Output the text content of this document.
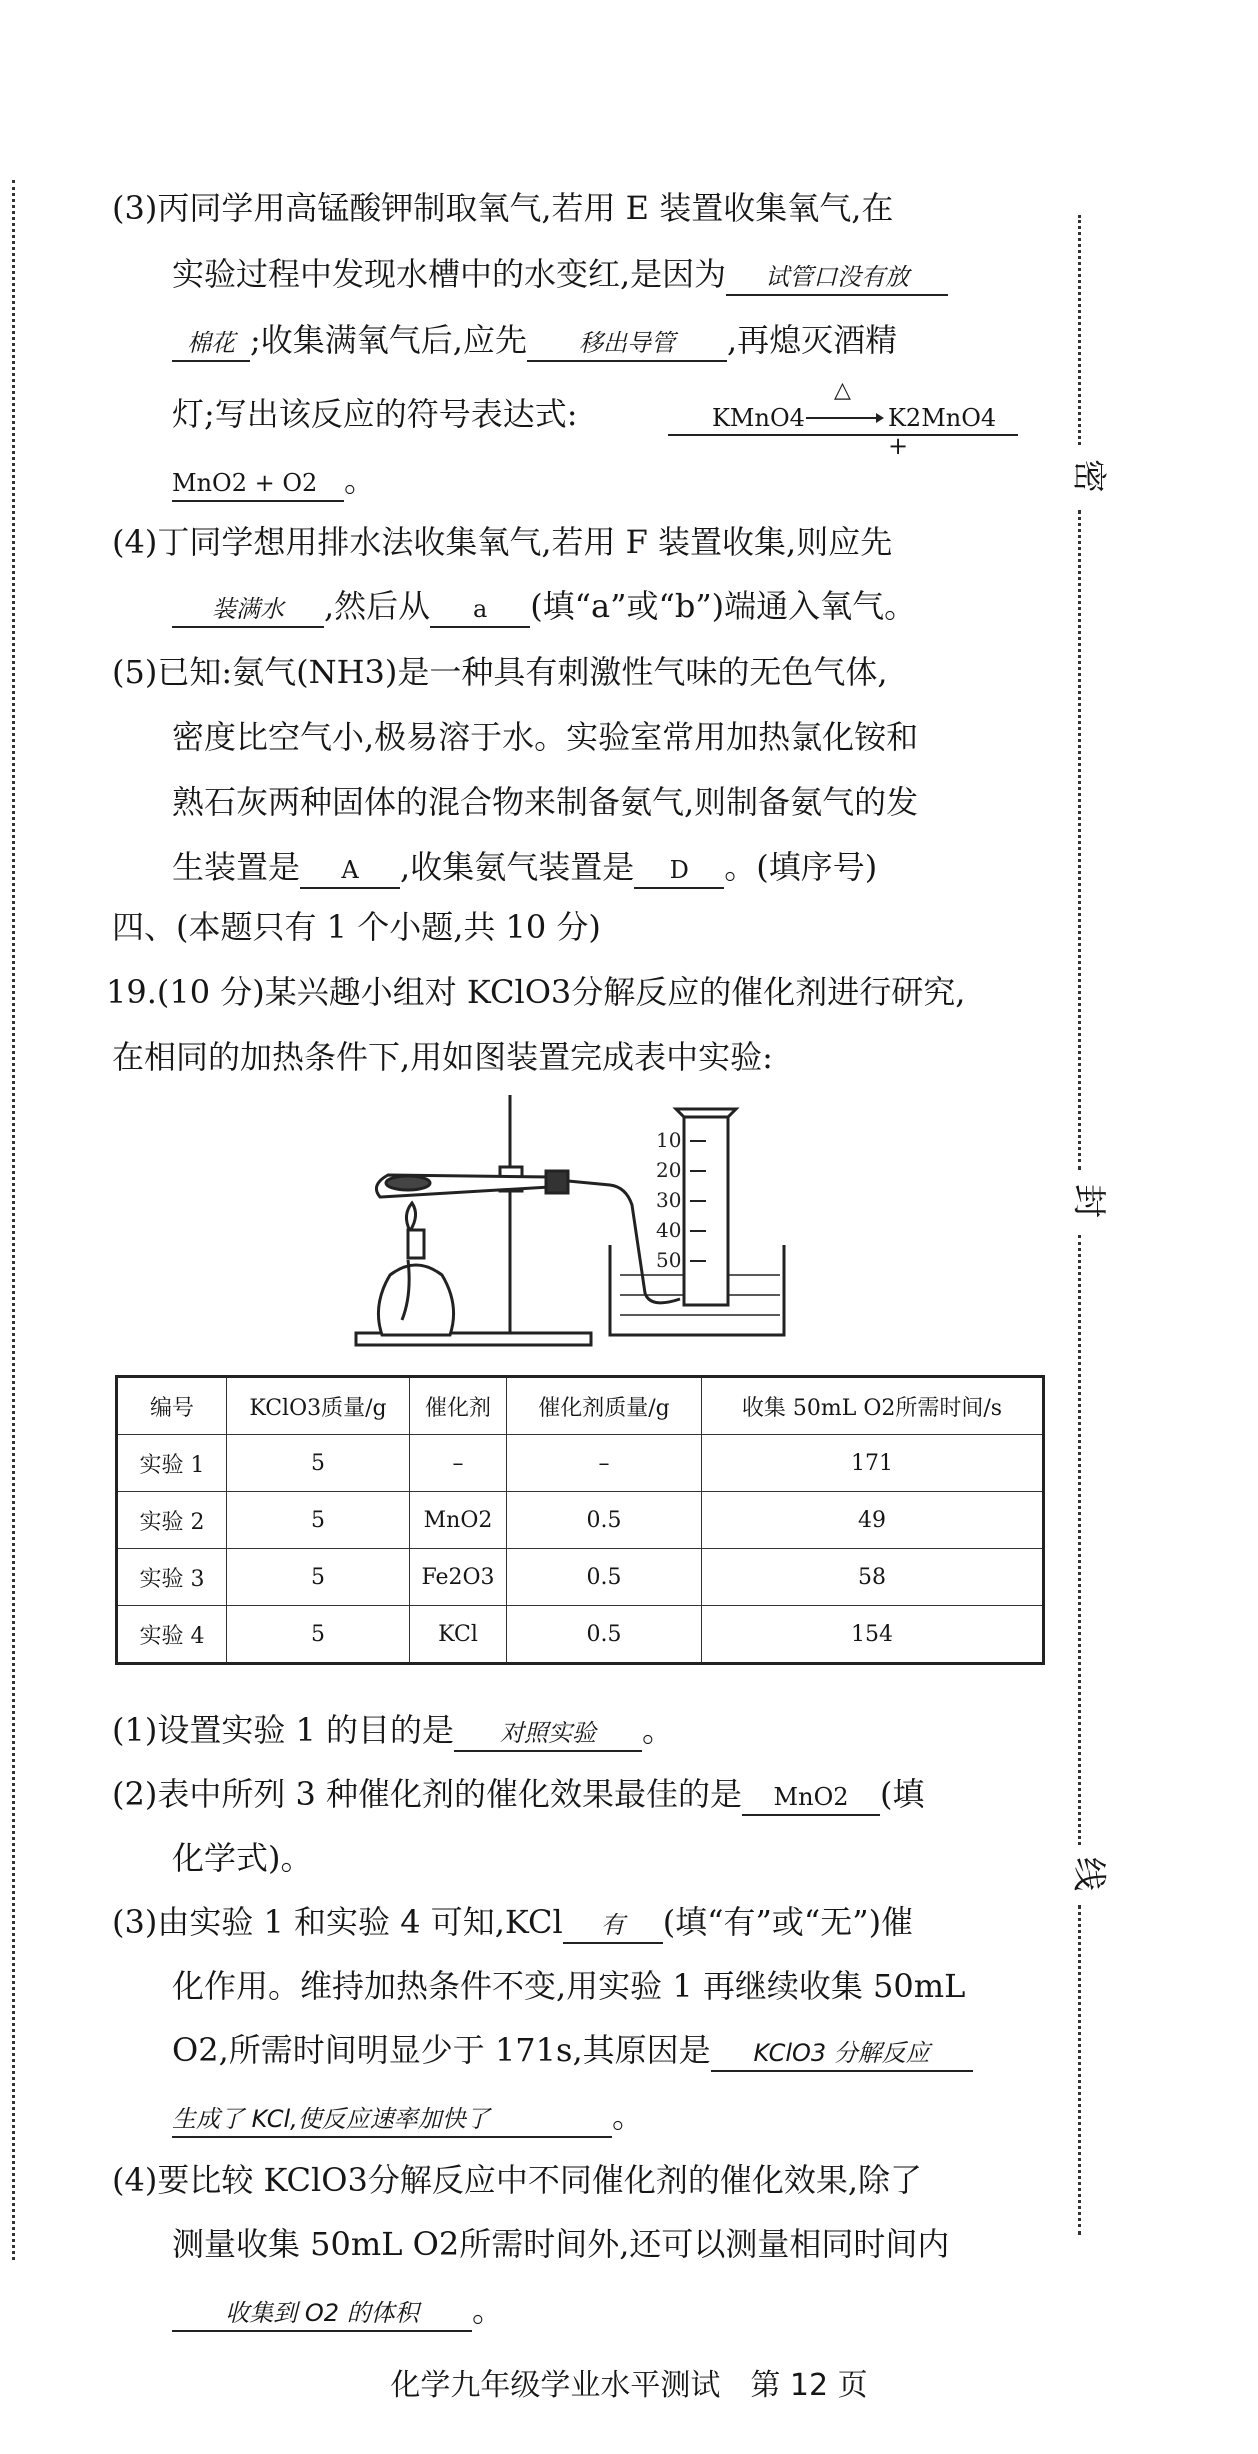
密
封
线
(3)丙同学用高锰酸钾制取氧气,若用 E 装置收集氧气,在
实验过程中发现水槽中的水变红,是因为 试管口没有放
棉花 ;收集满氧气后,应先 移出导管 ,再熄灭酒精
灯;写出该反应的符号表达式:	KMnO4
△
K2MnO4 +
MnO2 + O2 。
(4)丁同学想用排水法收集氧气,若用 F 装置收集,则应先
装满水 ,然后从 a (填“a”或“b”)端通入氧气。
(5)已知:氨气(NH3)是一种具有刺激性气味的无色气体,
密度比空气小,极易溶于水。实验室常用加热氯化铵和
熟石灰两种固体的混合物来制备氨气,则制备氨气的发
生装置是 A ,收集氨气装置是 D 。(填序号)
四、(本题只有 1 个小题,共 10 分)
19.(10 分)某兴趣小组对 KClO3分解反应的催化剂进行研究,
在相同的加热条件下,用如图装置完成表中实验:
10
20
30
40
50
编号	KClO3质量/g	催化剂	催化剂质量/g	收集 50mL O2所需时间/s
实验 1	5	–	–	171
实验 2	5	MnO2	0.5	49
实验 3	5	Fe2O3	0.5	58
实验 4	5	KCl	0.5	154
(1)设置实验 1 的目的是 对照实验 。
(2)表中所列 3 种催化剂的催化效果最佳的是 MnO2 (填
化学式)。
(3)由实验 1 和实验 4 可知,KCl 有 (填“有”或“无”)催
化作用。维持加热条件不变,用实验 1 再继续收集 50mL
O2,所需时间明显少于 171s,其原因是 KClO3 分解反应
生成了 KCl,使反应速率加快了	。
(4)要比较 KClO3分解反应中不同催化剂的催化效果,除了
测量收集 50mL O2所需时间外,还可以测量相同时间内
收集到 O2 的体积 。
化学九年级学业水平测试　第 12 页
